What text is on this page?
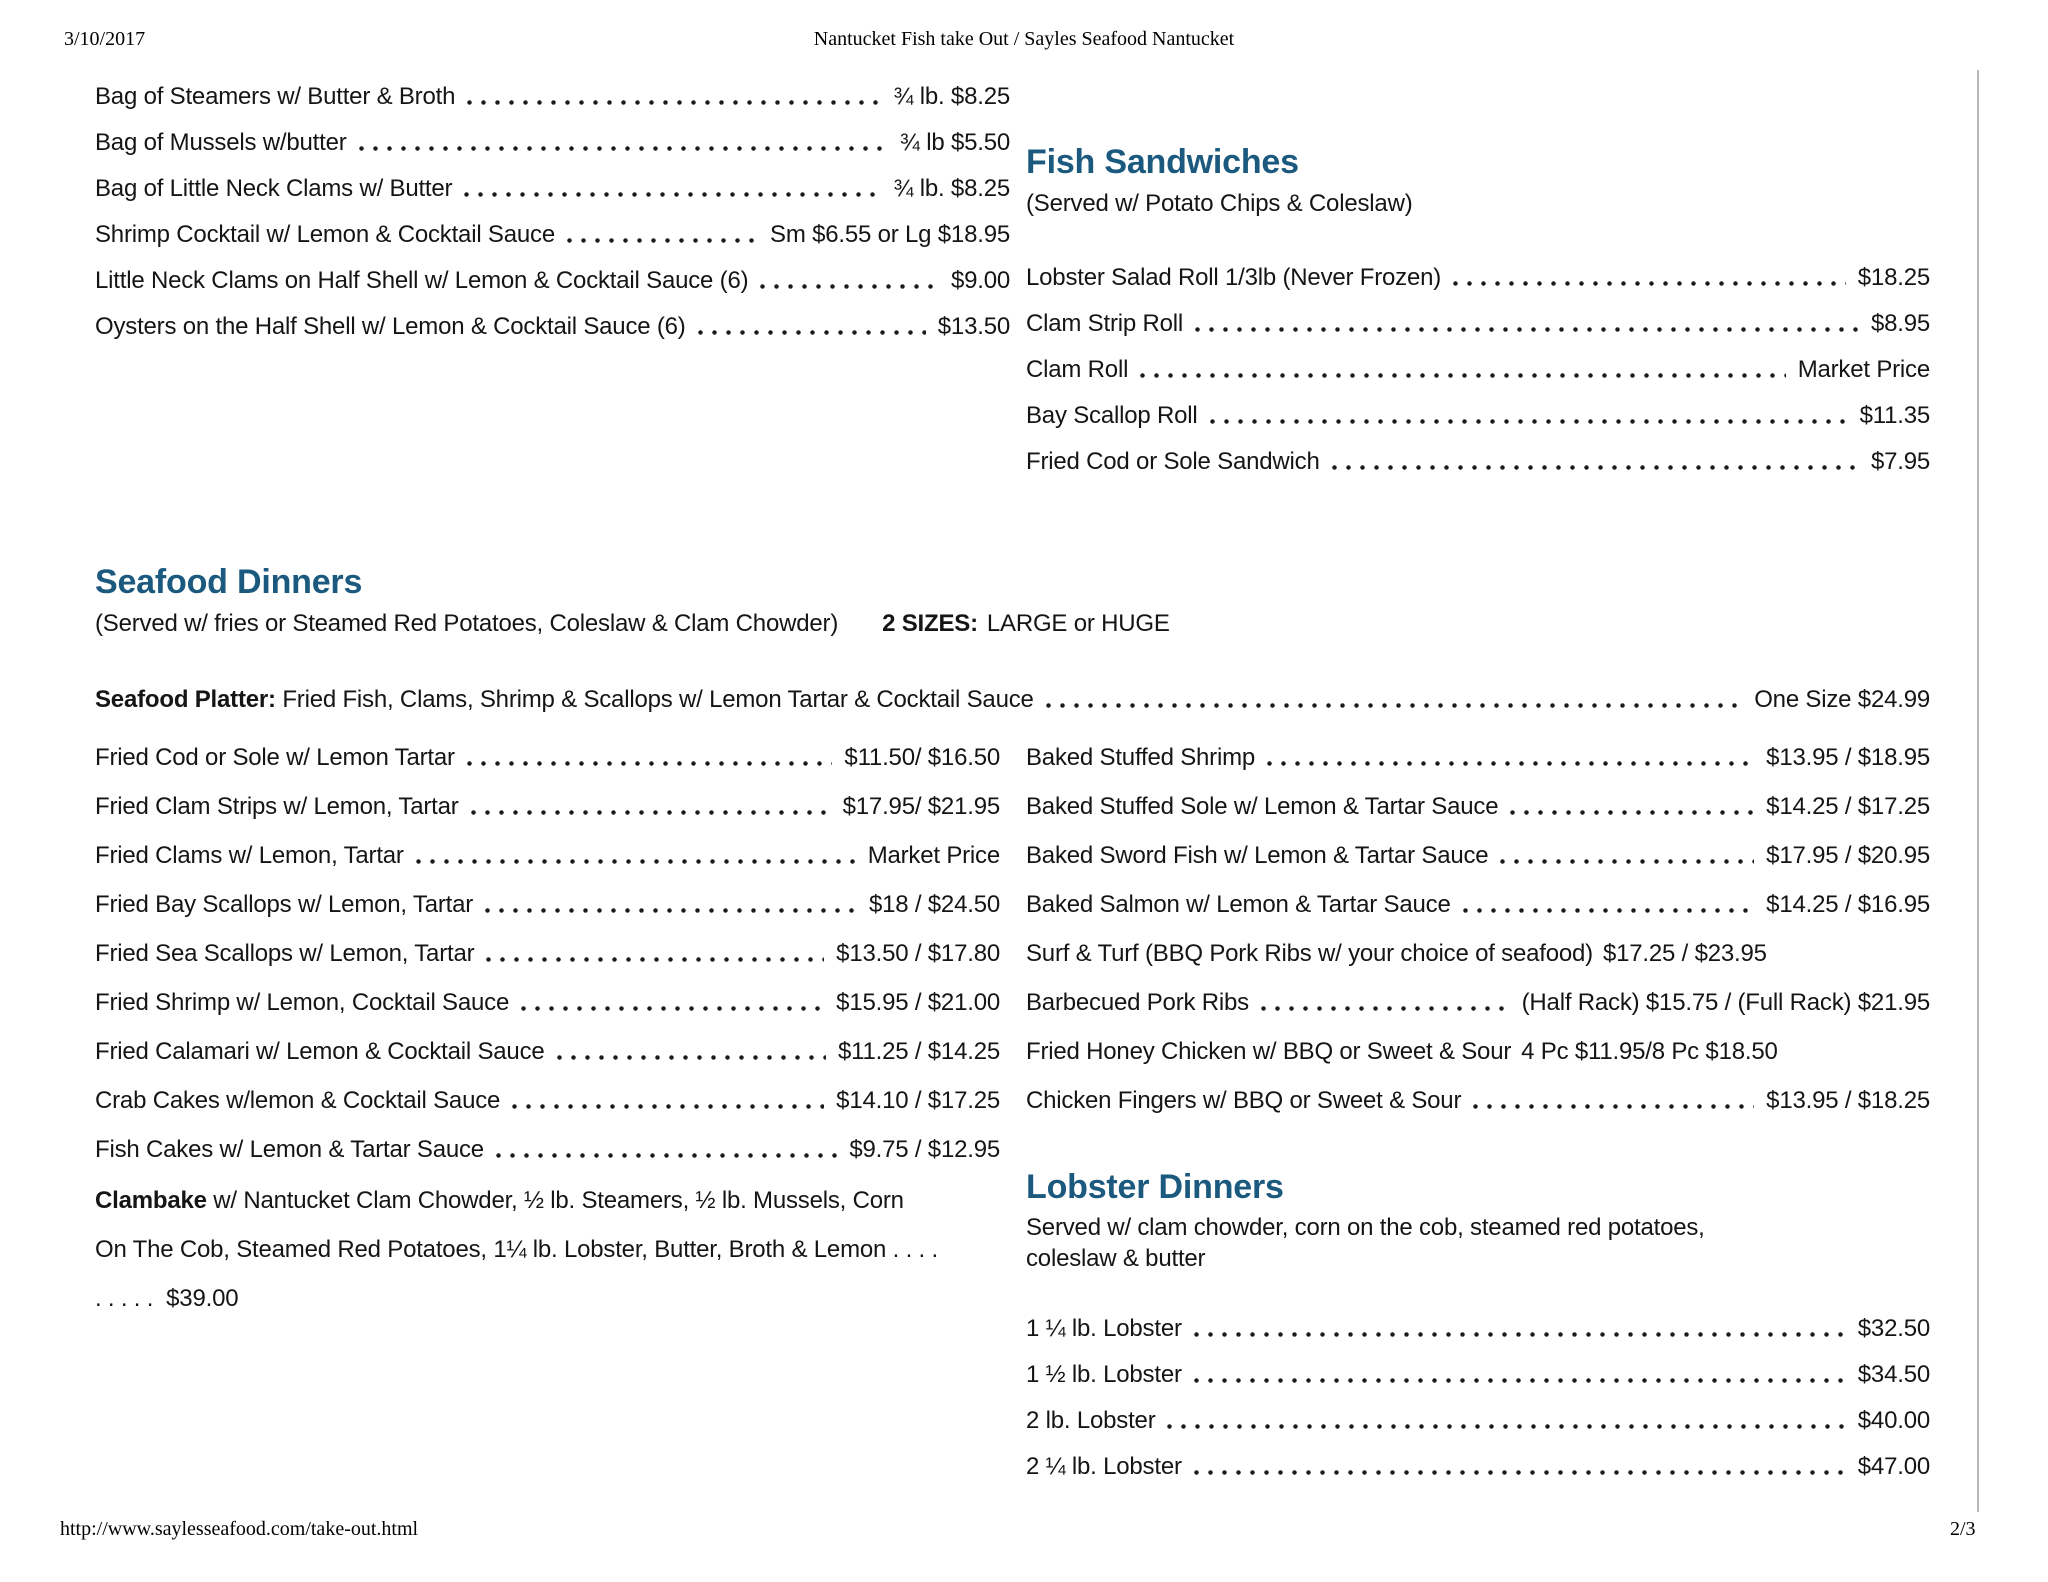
3/10/2017	Nantucket Fish take Out / Sayles Seafood Nantucket
Bag of Steamers w/ Butter & Broth	¾ lb. $8.25
Bag of Mussels w/butter	¾ lb $5.50
Bag of Little Neck Clams w/ Butter	¾ lb. $8.25
Shrimp Cocktail w/ Lemon & Cocktail Sauce	Sm $6.55 or Lg $18.95
Little Neck Clams on Half Shell w/ Lemon & Cocktail Sauce (6)	$9.00
Oysters on the Half Shell w/ Lemon & Cocktail Sauce (6)	$13.50
Fish Sandwiches

(Served w/ Potato Chips & Coleslaw)

Lobster Salad Roll 1/3lb (Never Frozen)	$18.25
Clam Strip Roll	$8.95
Clam Roll	Market Price
Bay Scallop Roll	$11.35
Fried Cod or Sole Sandwich	$7.95
Seafood Dinners

(Served w/ fries or Steamed Red Potatoes, Coleslaw & Clam Chowder) 2 SIZES: LARGE or HUGE

Seafood Platter: Fried Fish, Clams, Shrimp & Scallops w/ Lemon Tartar & Cocktail Sauce	One Size $24.99
Fried Cod or Sole w/ Lemon Tartar	$11.50/ $16.50
Fried Clam Strips w/ Lemon, Tartar	$17.95/ $21.95
Fried Clams w/ Lemon, Tartar	Market Price
Fried Bay Scallops w/ Lemon, Tartar	$18 / $24.50
Fried Sea Scallops w/ Lemon, Tartar	$13.50 / $17.80
Fried Shrimp w/ Lemon, Cocktail Sauce	$15.95 / $21.00
Fried Calamari w/ Lemon & Cocktail Sauce	$11.25 / $14.25
Crab Cakes w/lemon & Cocktail Sauce	$14.10 / $17.25
Fish Cakes w/ Lemon & Tartar Sauce	$9.75 / $12.95
Baked Stuffed Shrimp	$13.95 / $18.95
Baked Stuffed Sole w/ Lemon & Tartar Sauce	$14.25 / $17.25
Baked Sword Fish w/ Lemon & Tartar Sauce	$17.95 / $20.95
Baked Salmon w/ Lemon & Tartar Sauce	$14.25 / $16.95
Surf & Turf (BBQ Pork Ribs w/ your choice of seafood) $17.25 / $23.95
Barbecued Pork Ribs	(Half Rack) $15.75 / (Full Rack) $21.95
Fried Honey Chicken w/ BBQ or Sweet & Sour 4 Pc $11.95/8 Pc $18.50
Chicken Fingers w/ BBQ or Sweet & Sour	$13.95 / $18.25

Clambake w/ Nantucket Clam Chowder, ½ lb. Steamers, ½ lb. Mussels, Corn On The Cob, Steamed Red Potatoes, 1¼ lb. Lobster, Butter, Broth & Lemon . . . . . . . . . $39.00

Lobster Dinners

Served w/ clam chowder, corn on the cob, steamed red potatoes, coleslaw & butter

1 ¼ lb. Lobster	$32.50
1 ½ lb. Lobster	$34.50
2 lb. Lobster	$40.00
2 ¼ lb. Lobster	$47.00
http://www.saylesseafood.com/take-out.html	2/3
